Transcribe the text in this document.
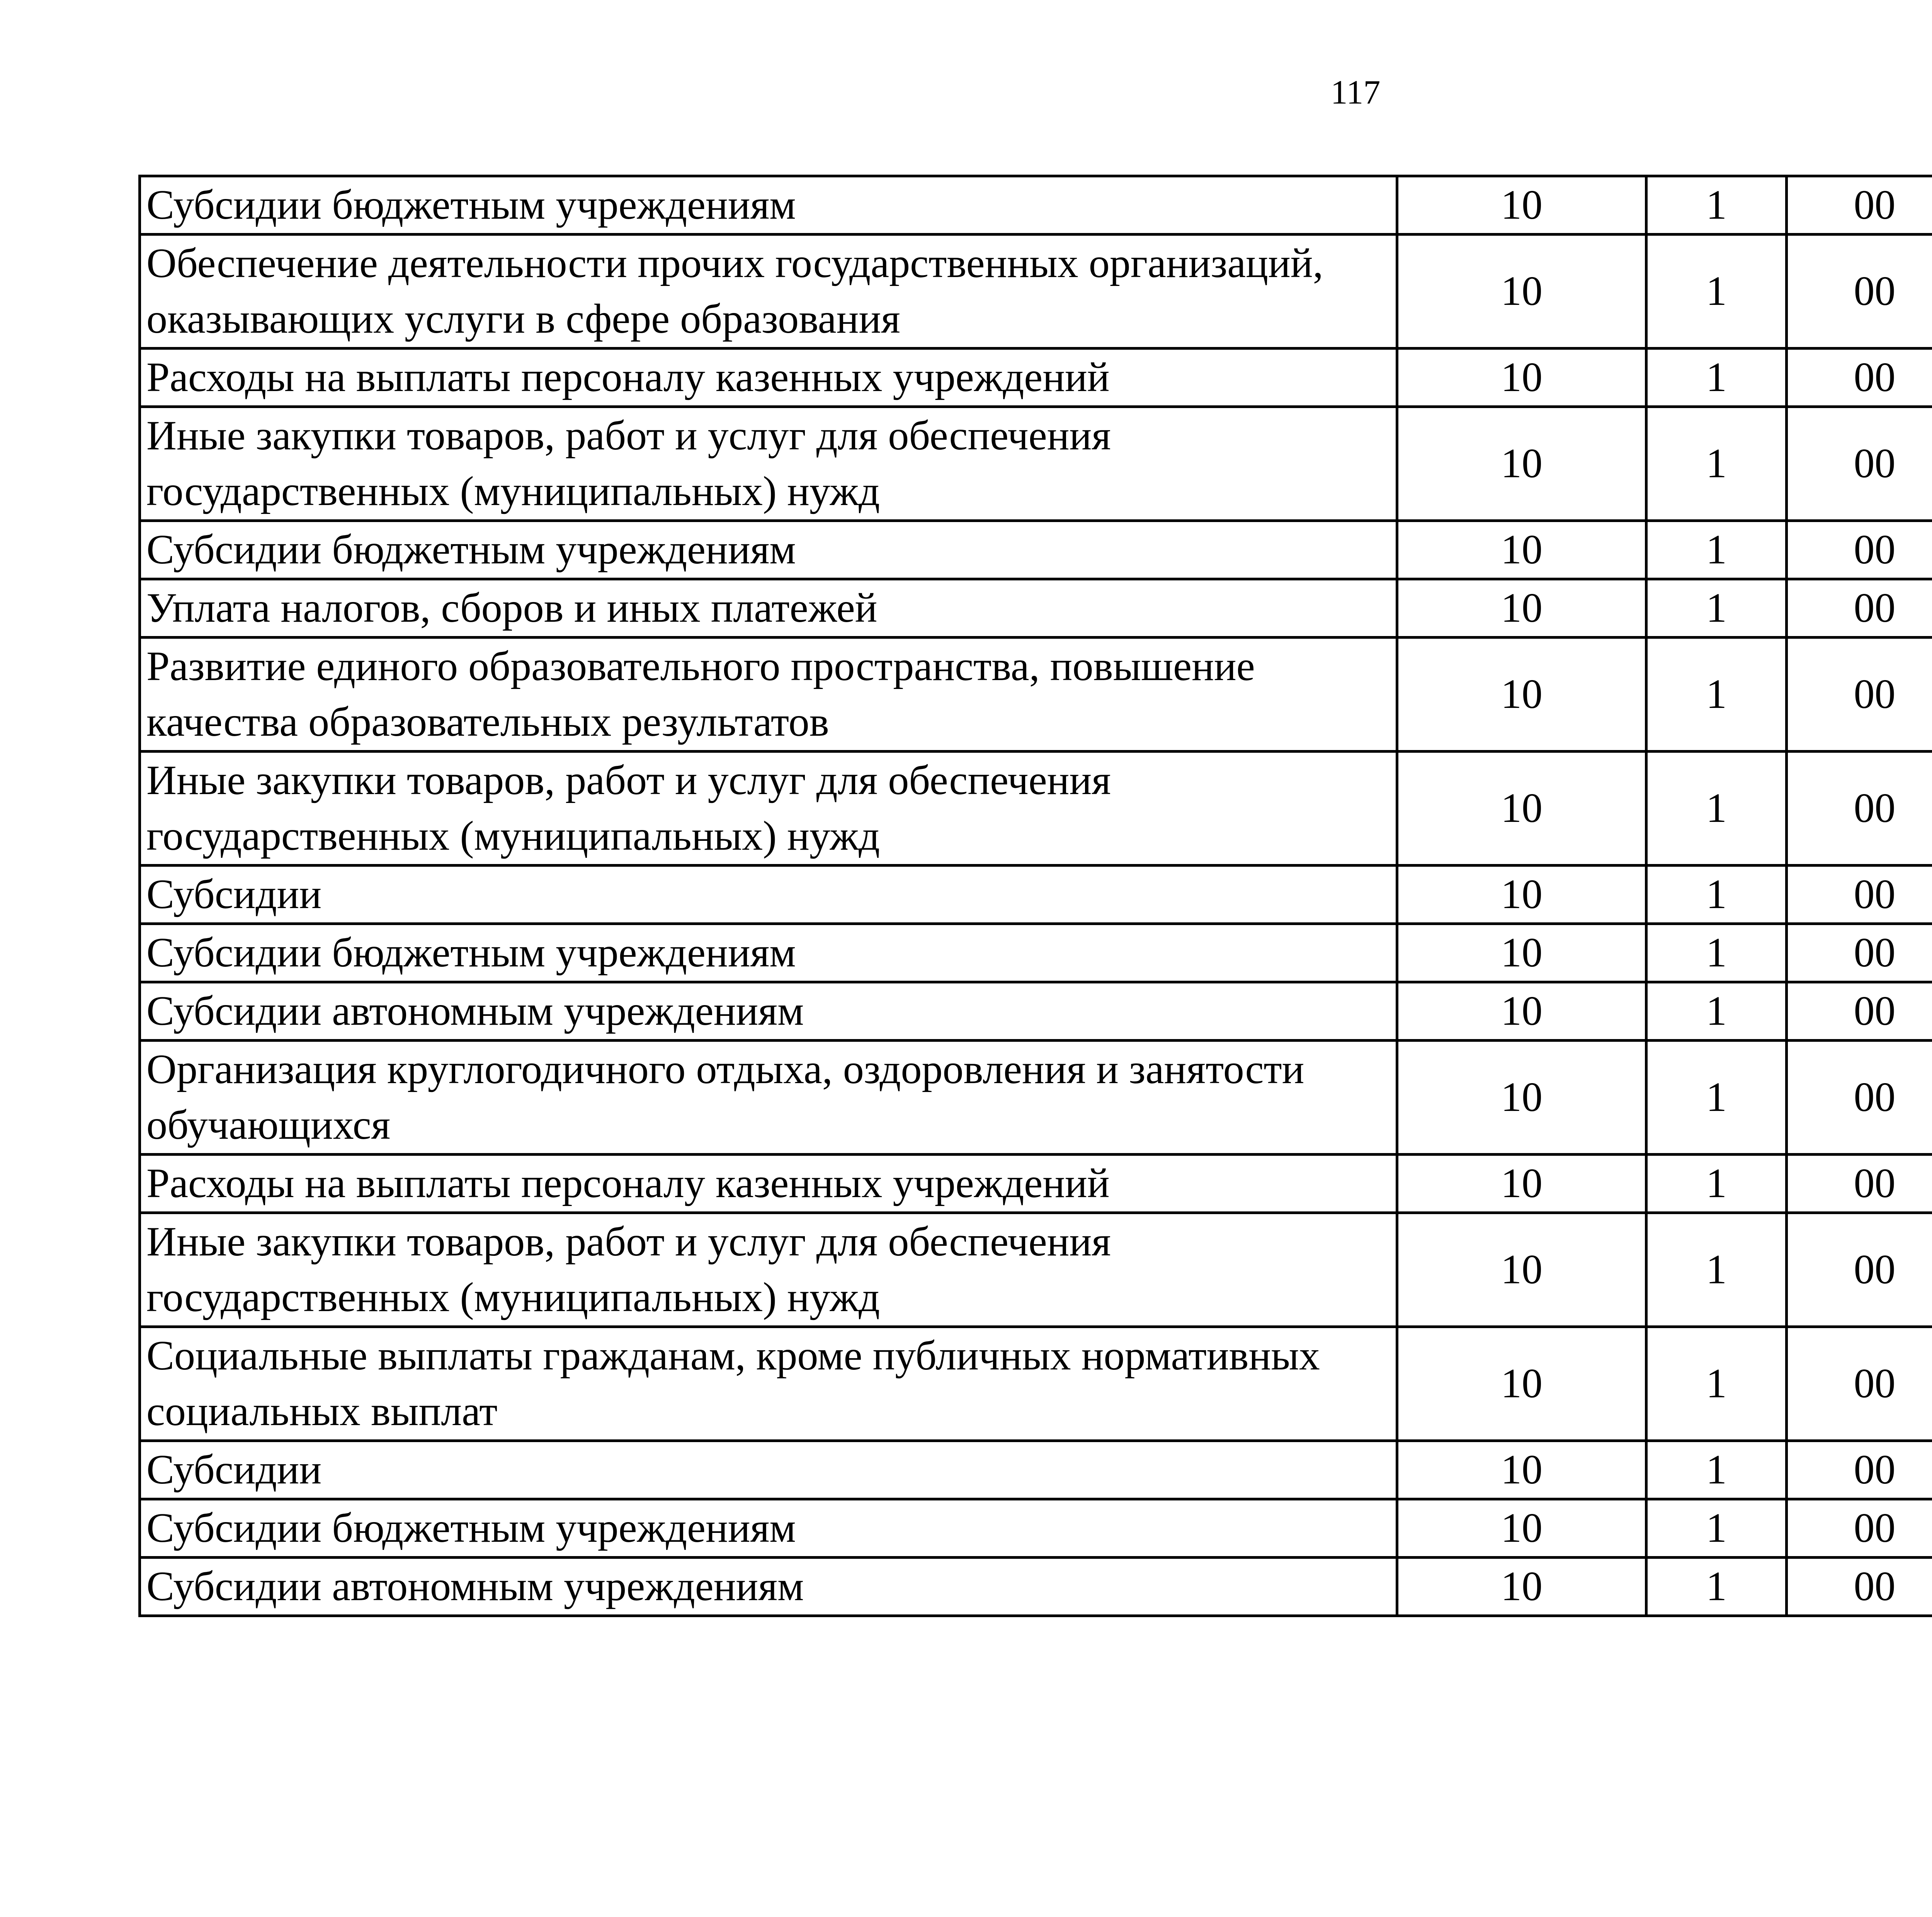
117
Субсидии бюджетным учреждениям	10	1	00			
Обеспечение деятельности прочих государственных организаций, оказывающих услуги в сфере образования	10	1	00			
Расходы на выплаты персоналу казенных учреждений	10	1	00			
Иные закупки товаров, работ и услуг для обеспечения государственных (муниципальных) нужд	10	1	00			
Субсидии бюджетным учреждениям	10	1	00			
Уплата налогов, сборов и иных платежей	10	1	00			
Развитие единого образовательного пространства, повышение качества образовательных результатов	10	1	00			
Иные закупки товаров, работ и услуг для обеспечения государственных (муниципальных) нужд	10	1	00			
Субсидии	10	1	00			
Субсидии бюджетным учреждениям	10	1	00			
Субсидии автономным учреждениям	10	1	00			
Организация круглогодичного отдыха, оздоровления и занятости обучающихся	10	1	00			
Расходы на выплаты персоналу казенных учреждений	10	1	00			
Иные закупки товаров, работ и услуг для обеспечения государственных (муниципальных) нужд	10	1	00			
Социальные выплаты гражданам, кроме публичных нормативных социальных выплат	10	1	00			
Субсидии	10	1	00			
Субсидии бюджетным учреждениям	10	1	00			
Субсидии автономным учреждениям	10	1	00			
